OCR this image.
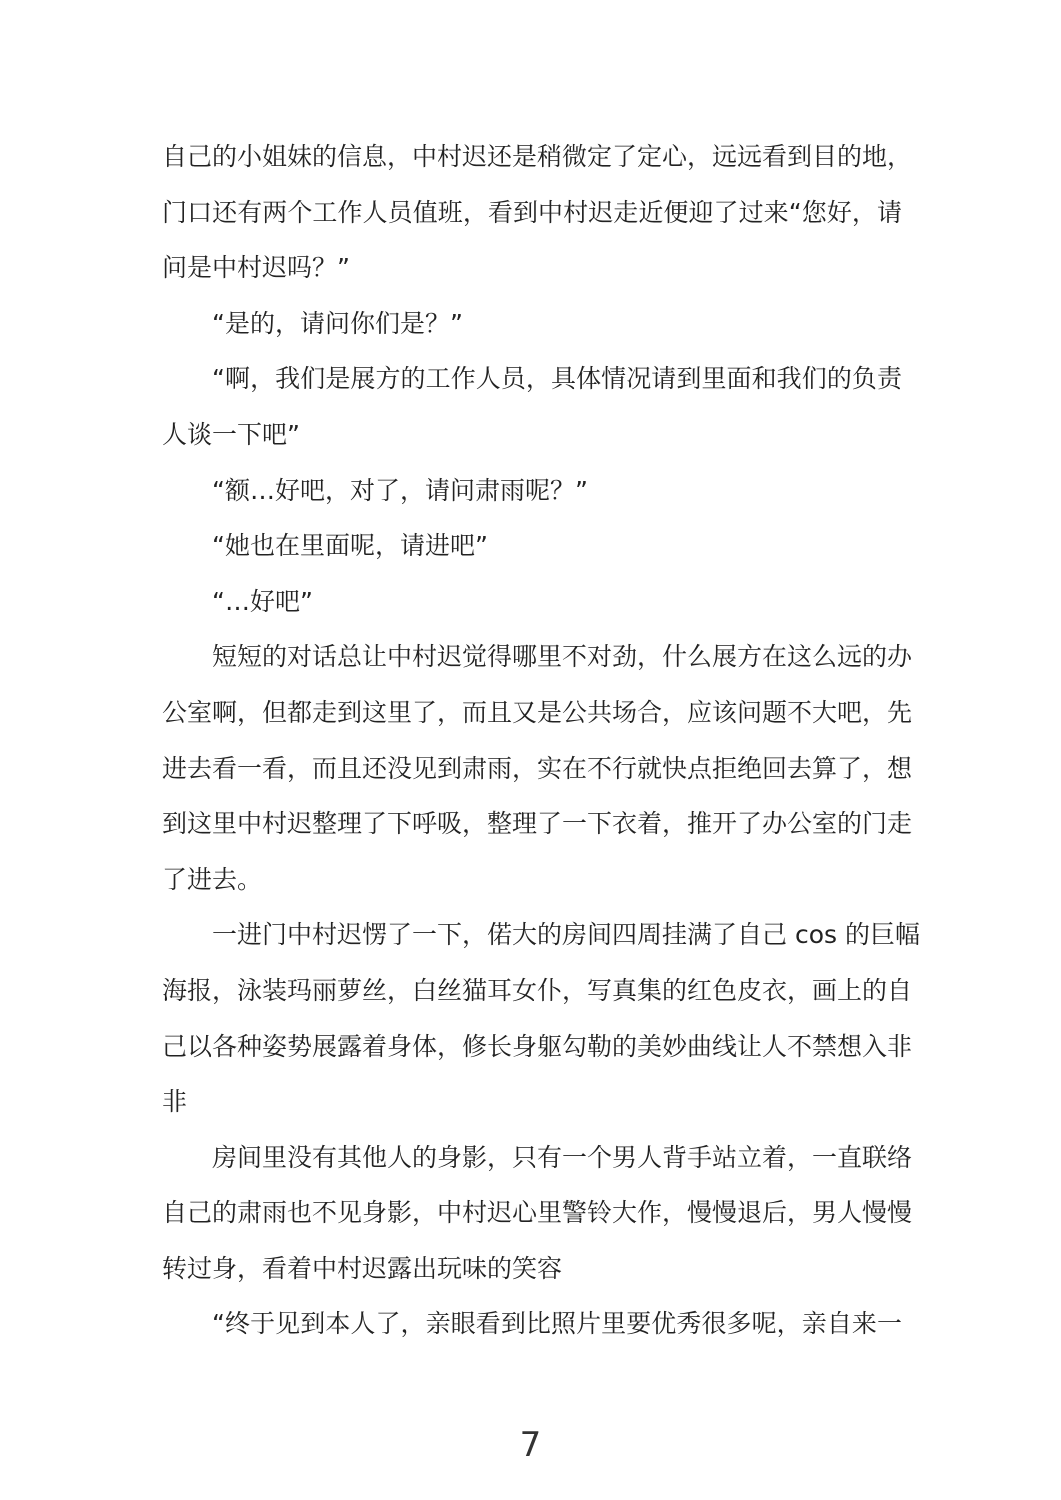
自己的小姐妹的信息，中村迟还是稍微定了定心，远远看到目的地，
门口还有两个工作人员值班，看到中村迟走近便迎了过来“您好，请
问是中村迟吗？”
“是的，请问你们是？”
“啊，我们是展方的工作人员，具体情况请到里面和我们的负责
人谈一下吧”
“额…好吧，对了，请问肃雨呢？”
“她也在里面呢，请进吧”
“…好吧”
短短的对话总让中村迟觉得哪里不对劲，什么展方在这么远的办
公室啊，但都走到这里了，而且又是公共场合，应该问题不大吧，先
进去看一看，而且还没见到肃雨，实在不行就快点拒绝回去算了，想
到这里中村迟整理了下呼吸，整理了一下衣着，推开了办公室的门走
了进去。
一进门中村迟愣了一下，偌大的房间四周挂满了自己 cos 的巨幅
海报，泳装玛丽萝丝，白丝猫耳女仆，写真集的红色皮衣，画上的自
己以各种姿势展露着身体，修长身躯勾勒的美妙曲线让人不禁想入非
非
房间里没有其他人的身影，只有一个男人背手站立着，一直联络
自己的肃雨也不见身影，中村迟心里警铃大作，慢慢退后，男人慢慢
转过身，看着中村迟露出玩味的笑容
“终于见到本人了，亲眼看到比照片里要优秀很多呢，亲自来一
7
